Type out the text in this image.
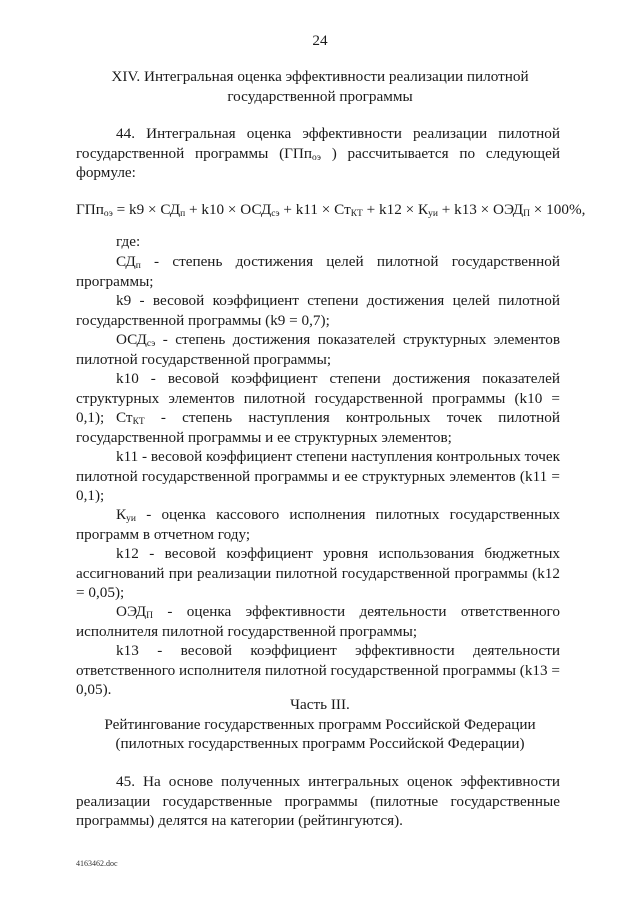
24
XIV. Интегральная оценка эффективности реализации пилотной
государственной программы
44. Интегральная оценка эффективности реализации пилотной государственной программы (ГПп$_{оэ}$ ) рассчитывается по следующей формуле:
$ГПп_{оэ} = k9 \times СД_п + k10 \times ОСД_{сэ} + k11 \times Ст_{КТ} + k12 \times К_{уи} + k13 \times ОЭД_П \times 100\%$,
где:
$СД_п$ - степень достижения целей пилотной государственной
программы;
k9 - весовой коэффициент степени достижения целей пилотной
государственной программы (k9 = 0,7);
$ОСД_{сэ}$ - степень достижения показателей структурных элементов
пилотной государственной программы;
k10 - весовой коэффициент степени достижения показателей
структурных элементов пилотной государственной программы (k10 = 0,1); $Ст_{КТ}$ - степень наступления контрольных точек пилотной
государственной программы и ее структурных элементов;
k11 - весовой коэффициент степени наступления контрольных точек
пилотной государственной программы и ее структурных элементов (k11 = 0,1);
$К_{уи}$ - оценка кассового исполнения пилотных государственных
программ в отчетном году;
k12 - весовой коэффициент уровня использования бюджетных
ассигнований при реализации пилотной государственной программы (k12 = 0,05);
$ОЭД_П$ - оценка эффективности деятельности ответственного
исполнителя пилотной государственной программы;
k13 - весовой коэффициент эффективности деятельности
ответственного исполнителя пилотной государственной программы (k13 = 0,05).
Часть III.
Рейтингование государственных программ Российской Федерации
(пилотных государственных программ Российской Федерации)
45. На основе полученных интегральных оценок эффективности реализации государственные программы (пилотные государственные программы) делятся на категории (рейтингуются).
4163462.doc
